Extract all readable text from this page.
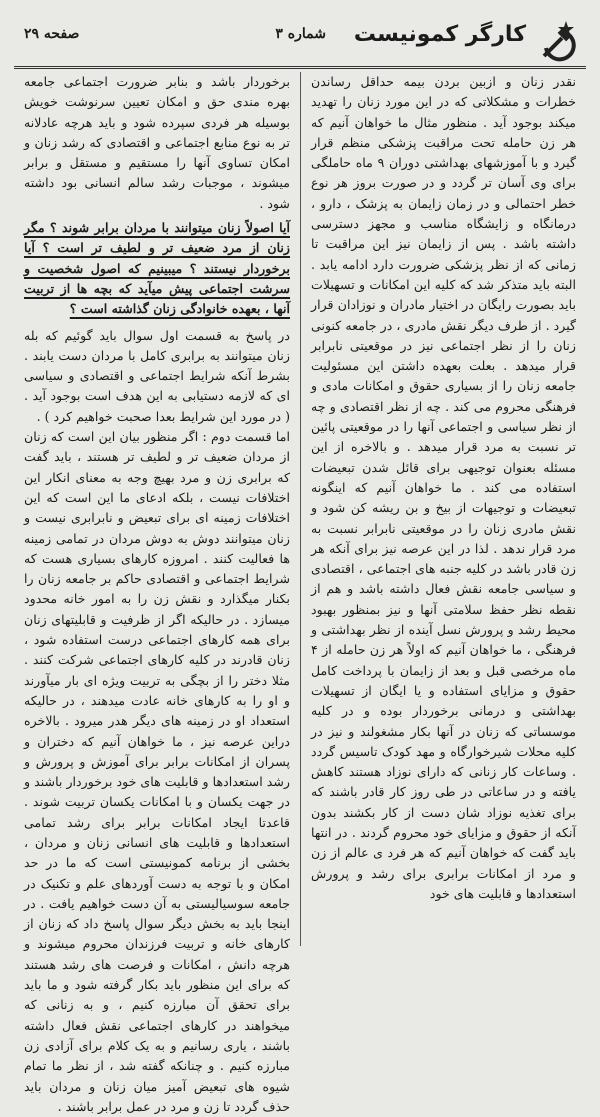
کارگر کمونیست
شماره ۳
صفحه ۲۹

نقدر زنان و ازبین بردن بیمه حداقل رساندن خطرات و مشکلاتی که در این مورد زنان را تهدید میکند بوجود آید . منظور مثال ما خواهان آنیم که هر زن حامله تحت مراقبت پزشکی منظم قرار گیرد و با آموزشهای بهداشتی دوران ۹ ماه حاملگی برای وی آسان تر گردد و در صورت بروز هر نوع خطر احتمالی و در زمان زایمان به پزشک ، دارو ، درمانگاه و زایشگاه مناسب و مجهز دسترسی داشته باشد . پس از زایمان نیز این مراقبت تا زمانی که از نظر پزشکی ضرورت دارد ادامه یابد . البته باید متذکر شد که کلیه این امکانات و تسهیلات باید بصورت رایگان در اختیار مادران و نوزادان قرار گیرد . از طرف دیگر نقش مادری ، در جامعه کنونی زنان را از نظر اجتماعی نیز در موقعیتی نابرابر قرار میدهد . بعلت بعهده داشتن این مسئولیت جامعه زنان را از بسیاری حقوق و امکانات مادی و فرهنگی محروم می کند . چه از نظر اقتصادی و چه از نظر سیاسی و اجتماعی آنها را در موقعیتی پائین تر نسبت به مرد قرار میدهد . و بالاخره از این مسئله بعنوان توجیهی برای قائل شدن تبعیضات استفاده می کند . ما خواهان آنیم که اینگونه تبعیضات و توجیهات از بیخ و بن ریشه کن شود و نقش مادری زنان را در موقعیتی نابرابر نسبت به مرد قرار ندهد . لذا در این عرصه نیز برای آنکه هر زن قادر باشد در کلیه جنبه های اجتماعی ، اقتصادی و سیاسی جامعه نقش فعال داشته باشد و هم از نقطه نظر حفظ سلامتی آنها و نیز بمنظور بهبود محیط رشد و پرورش نسل آینده از نظر بهداشتی و فرهنگی ، ما خواهان آنیم که اولاً هر زن حامله از ۴ ماه مرخصی قبل و بعد از زایمان با پرداخت کامل حقوق و مزایای استفاده و یا ایگان از تسهیلات بهداشتی و درمانی برخوردار بوده و در کلیه موسساتی که زنان در آنها بکار مشغولند و نیز در کلیه محلات شیرخوارگاه و مهد کودک تاسیس گردد . وساعات کار زنانی که دارای نوزاد هستند کاهش یافته و در ساعاتی در طی روز کار قادر باشند که برای تغذیه نوزاد شان دست از کار بکشند بدون آنکه از حقوق و مزایای خود محروم گردند . در انتها باید گفت که خواهان آنیم که هر فرد ی عالم از زن و مرد از امکانات برابری برای رشد و پرورش استعدادها و قابلیت های خود

برخوردار باشد و بنابر ضرورت اجتماعی جامعه بهره مندی حق و امکان تعیین سرنوشت خویش بوسیله هر فردی سپرده شود و باید هرچه عادلانه تر به نوع منابع اجتماعی و اقتصادی که رشد زنان و امکان تساوی آنها را مستقیم و مستقل و برابر میشوند ، موجبات رشد سالم انسانی بود داشته شود .

آیا اصولاً زنان میتوانند با مردان برابر شوند ؟ مگر زنان از مرد ضعیف تر و لطیف تر است ؟ آیا برخوردار نیستند ؟ میبینیم که اصول شخصیت و سرشت اجتماعی پیش میآید که بچه ها از تربیت آنها ، بعهده خانوادگی زنان گذاشته است ؟

در پاسخ به قسمت اول سوال باید گوئیم که بله زنان میتوانند به برابری کامل با مردان دست یابند . بشرط آنکه شرایط اجتماعی و اقتصادی و سیاسی ای که لازمه دستیابی به این هدف است بوجود آید . ( در مورد این شرایط بعدا صحبت خواهیم کرد ) .

اما قسمت دوم : اگر منظور بیان این است که زنان از مردان ضعیف تر و لطیف تر هستند ، باید گفت که برابری زن و مرد بهیچ وجه به معنای انکار این اختلافات نیست ، بلکه ادعای ما این است که این اختلافات زمینه ای برای تبعیض و نابرابری نیست و زنان میتوانند دوش به دوش مردان در تمامی زمینه ها فعالیت کنند . امروزه کارهای بسیاری هست که شرایط اجتماعی و اقتصادی حاکم بر جامعه زنان را بکنار میگذارد و نقش زن را به امور خانه محدود میسازد . در حالیکه اگر از ظرفیت و قابلیتهای زنان برای همه کارهای اجتماعی درست استفاده شود ، زنان قادرند در کلیه کارهای اجتماعی شرکت کنند . مثلا دختر را از بچگی به تربیت ویژه ای بار میآورند و او را به کارهای خانه عادت میدهند ، در حالیکه استعداد او در زمینه های دیگر هدر میرود . بالاخره دراین عرصه نیز ، ما خواهان آنیم که دختران و پسران از امکانات برابر برای آموزش و پرورش و رشد استعدادها و قابلیت های خود برخوردار باشند و در جهت یکسان و با امکانات یکسان تربیت شوند . قاعدتا ایجاد امکانات برابر برای رشد تمامی استعدادها و قابلیت های انسانی زنان و مردان ، بخشی از برنامه کمونیستی است که ما در حد امکان و با توجه به دست آوردهای علم و تکنیک در جامعه سوسیالیستی به آن دست خواهیم یافت . در اینجا باید به بخش دیگر سوال پاسخ داد که زنان از کارهای خانه و تربیت فرزندان محروم میشوند و هرچه دانش ، امکانات و فرصت های رشد هستند که برای این منظور باید بکار گرفته شود و ما باید برای تحقق آن مبارزه کنیم ، و به زنانی که میخواهند در کارهای اجتماعی نقش فعال داشته باشند ، یاری رسانیم و به یک کلام برای آزادی زن مبارزه کنیم . و چنانکه گفته شد ، از نظر ما تمام شیوه های تبعیض آمیز میان زنان و مردان باید حذف گردد تا زن و مرد در عمل برابر باشند .
